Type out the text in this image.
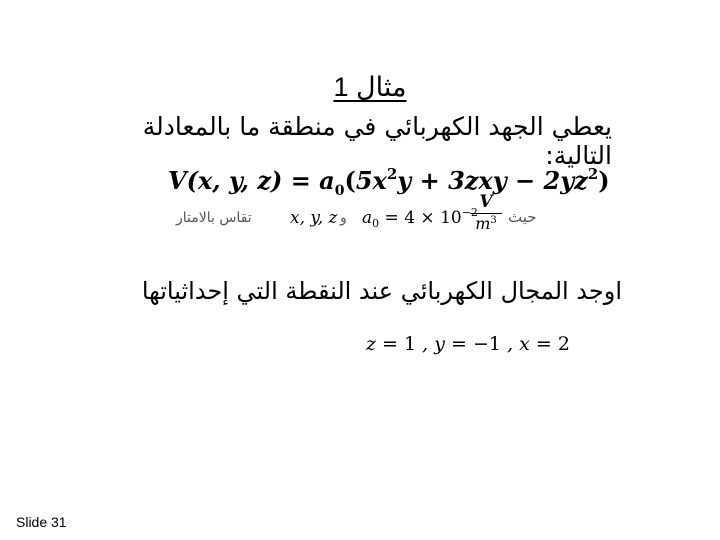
مثال 1
يعطي الجهد الكهربائي في منطقة ما بالمعادلة التالية:
V(x, y, $z) = a_0(5x^2y + 3zxy - 2yz^2)$
حيث
$\frac{V}{m^3}$
$a_0 = 4 \times 10^{-2}$
و
x, y, z
تقاس بالامتار
اوجد المجال الكهربائي عند النقطة التي إحداثياتها
z = 1 , y = −1 , x = 2
Slide 31
